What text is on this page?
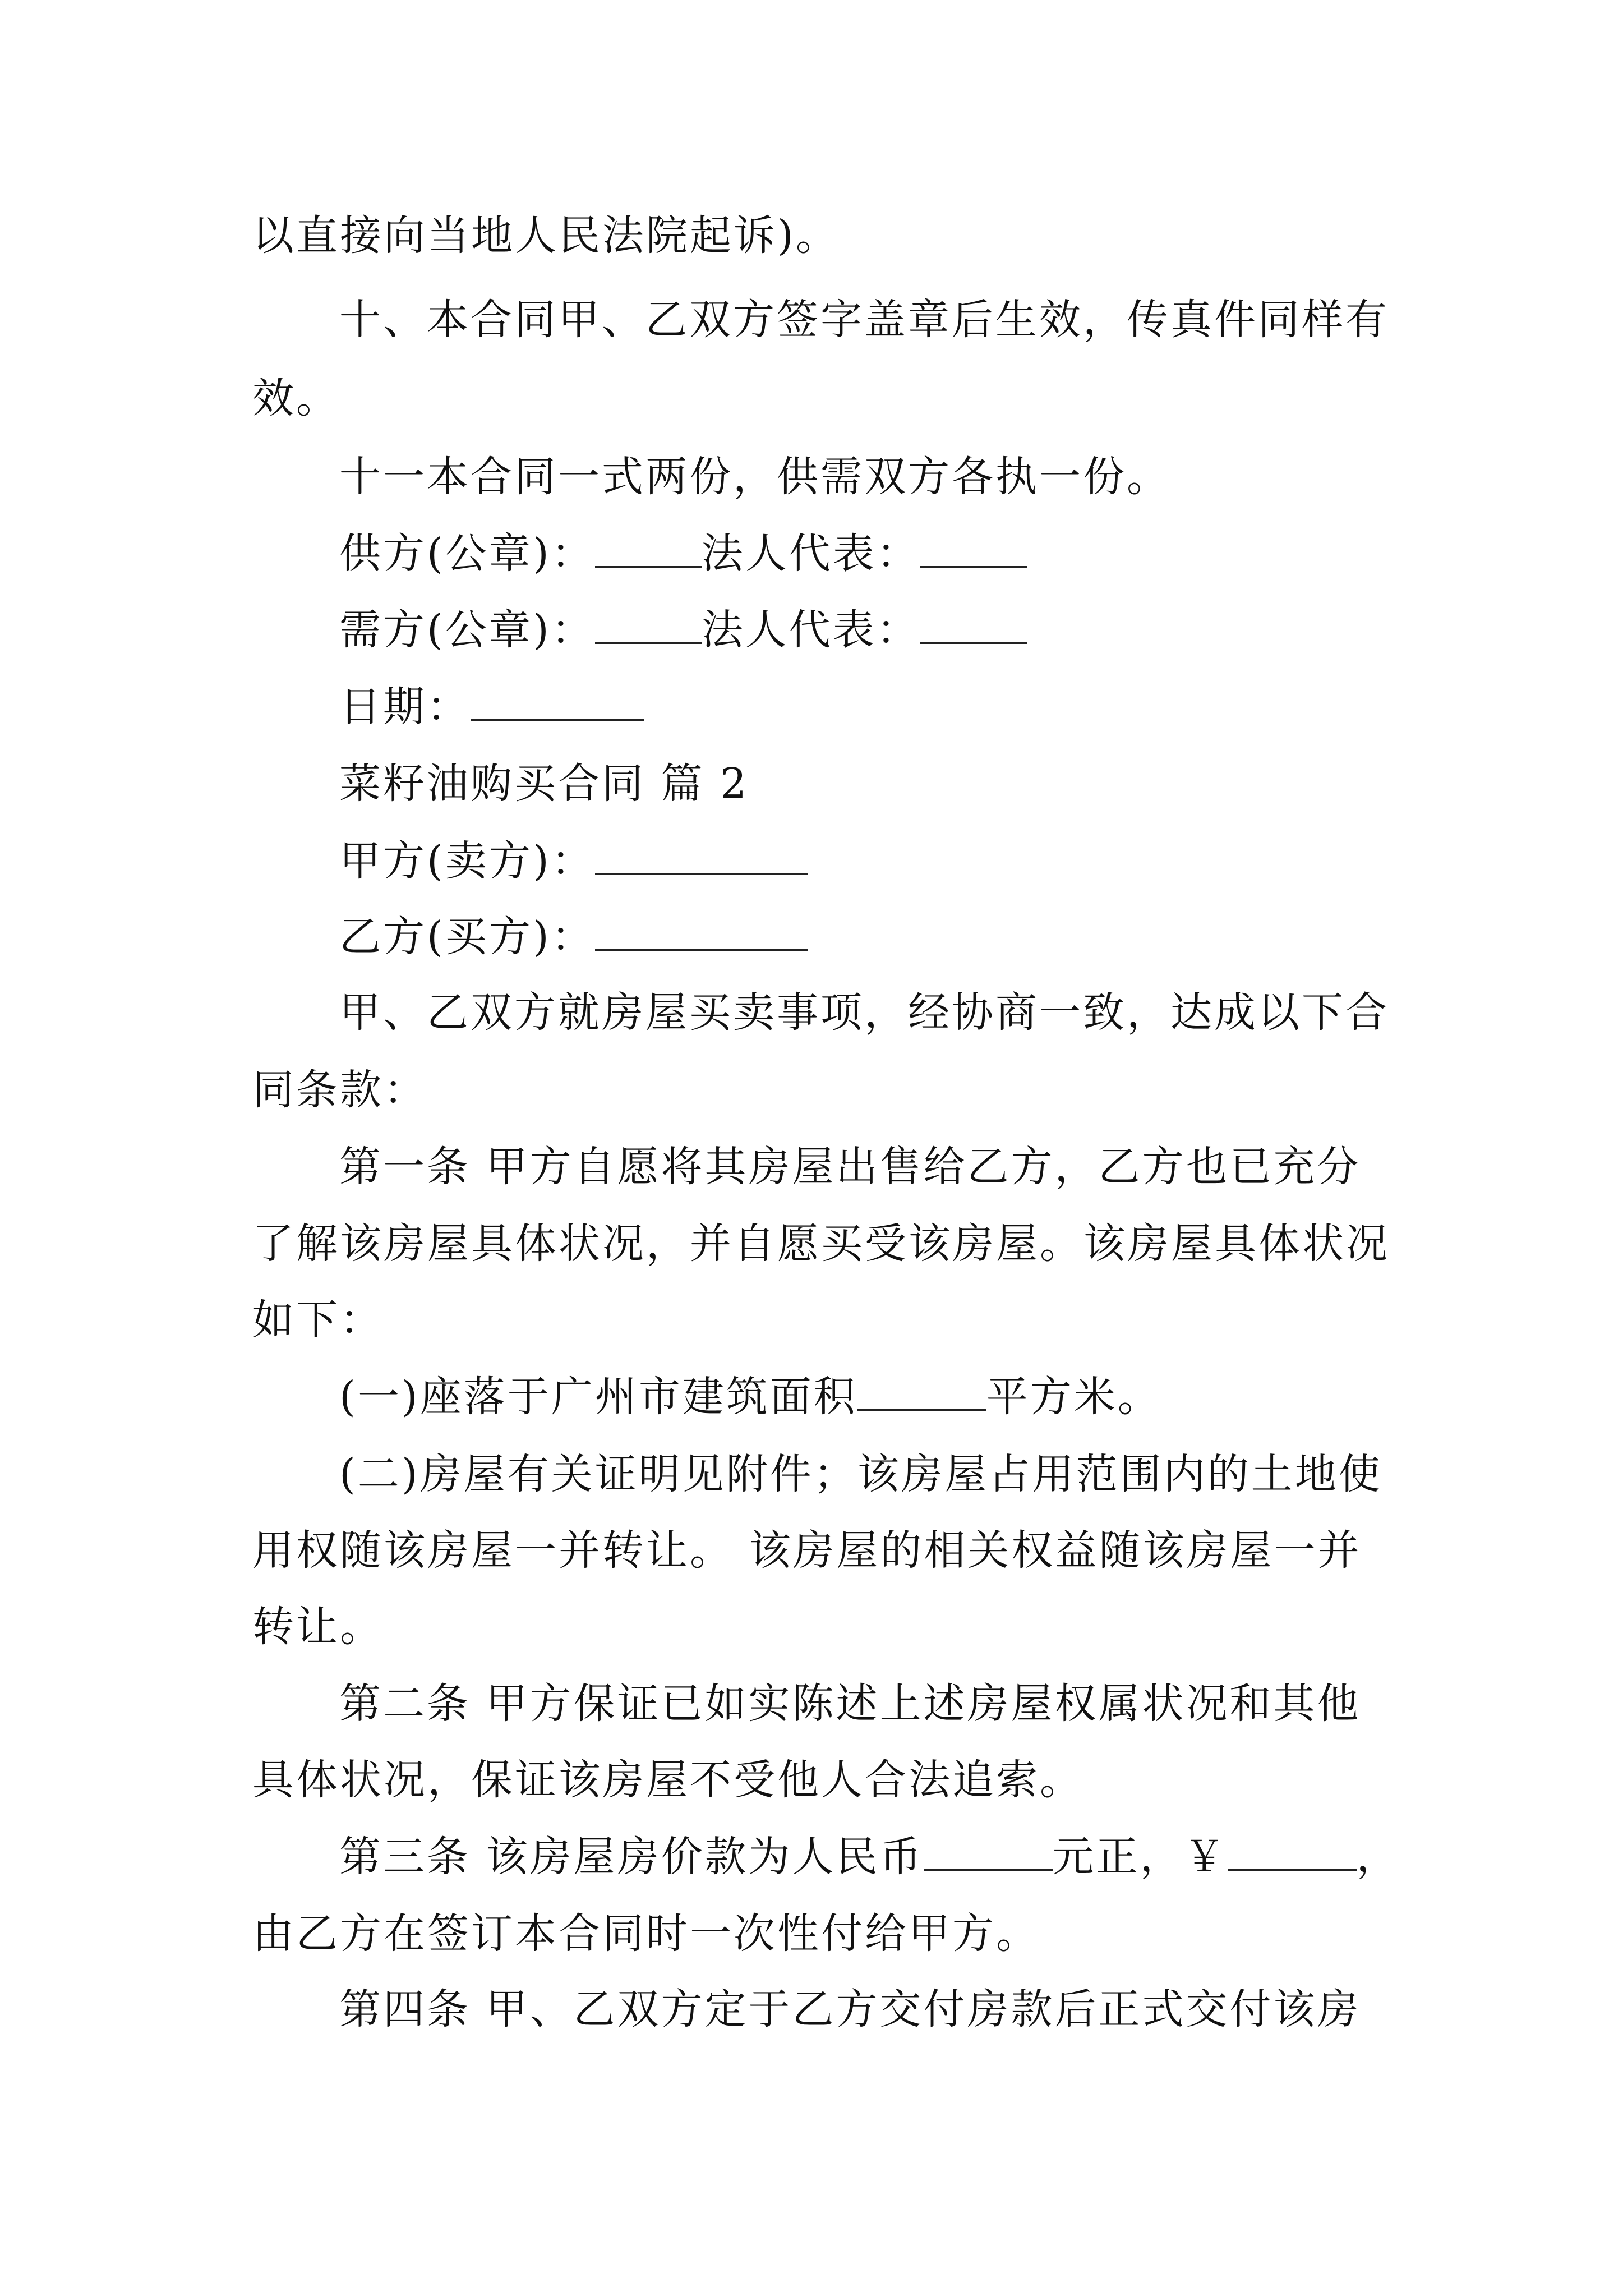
以直接向当地人民法院起诉)。
十、本合同甲、乙双方签字盖章后生效，传真件同样有
效。
十一本合同一式两份，供需双方各执一份。
供方(公章)：	法人代表：
需方(公章)：	法人代表：
日期：
菜籽油购买合同 篇 2
甲方(卖方)：
乙方(买方)：
甲、乙双方就房屋买卖事项，经协商一致，达成以下合
同条款：
第一条 甲方自愿将其房屋出售给乙方，乙方也已充分
了解该房屋具体状况，并自愿买受该房屋。该房屋具体状况
如下：
(一)座落于广州市建筑面积	平方米。
(二)房屋有关证明见附件；该房屋占用范围内的土地使
用权随该房屋一并转让。 该房屋的相关权益随该房屋一并
转让。
第二条 甲方保证已如实陈述上述房屋权属状况和其他
具体状况，保证该房屋不受他人合法追索。
第三条 该房屋房价款为人民币	元正，￥	，
由乙方在签订本合同时一次性付给甲方。
第四条 甲、乙双方定于乙方交付房款后正式交付该房
